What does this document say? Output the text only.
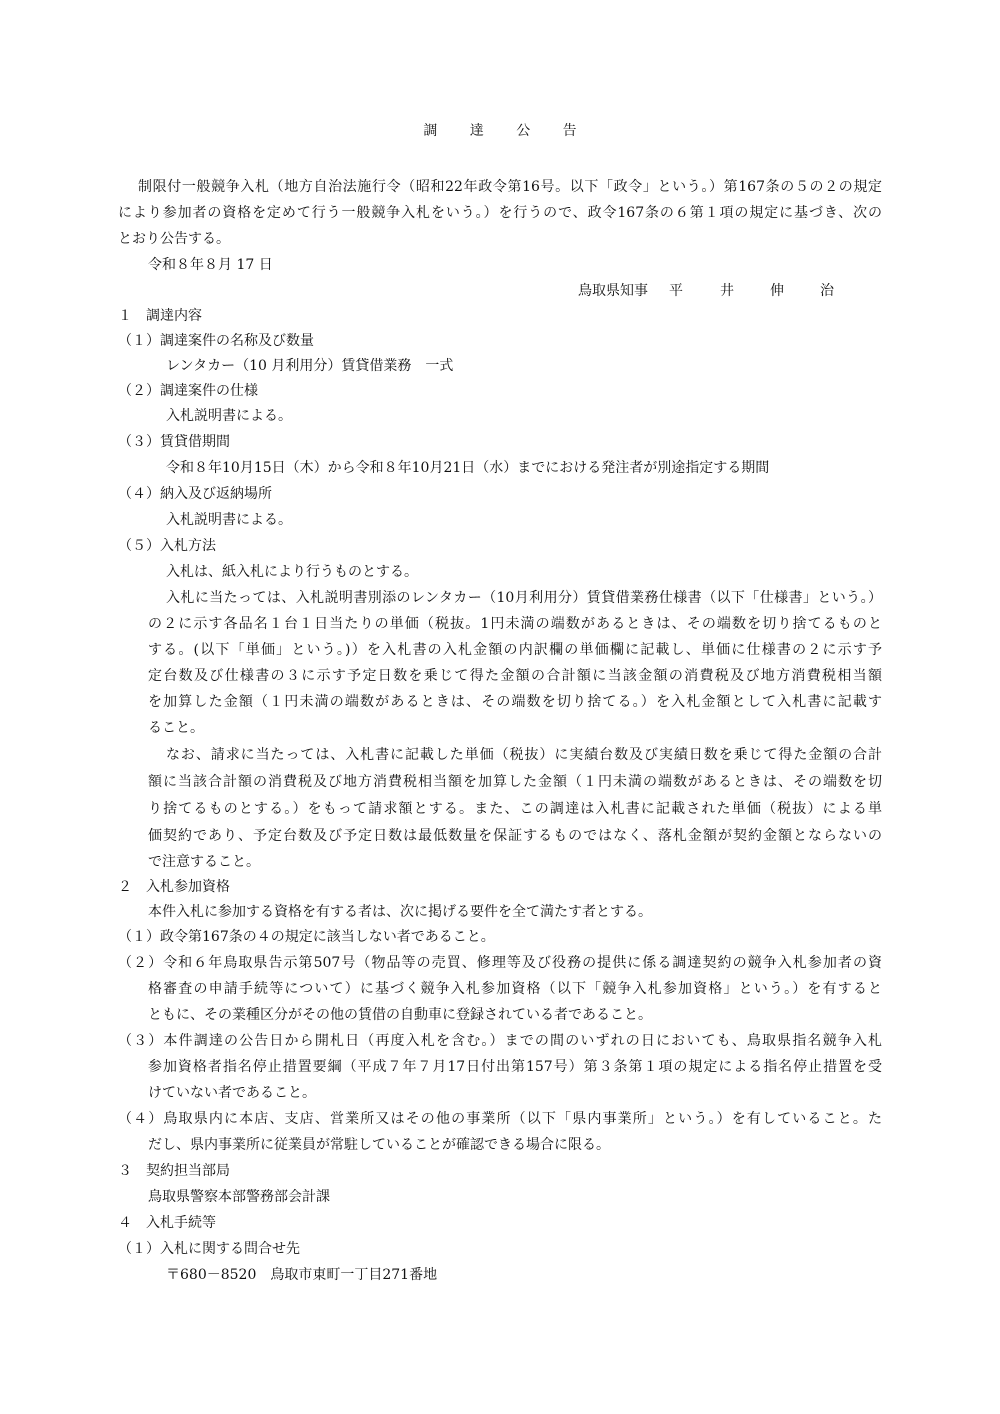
調 達 公 告
制限付一般競争入札（地方自治法施行令（昭和22年政令第16号。以下「政令」という。）第167条の５の２の規定
により参加者の資格を定めて行う一般競争入札をいう。）を行うので、政令167条の６第１項の規定に基づき、次の
とおり公告する。
令和８年８月 17 日
鳥取県知事 平	井	伸	治
１　調達内容
（１）調達案件の名称及び数量
レンタカー（10 月利用分）賃貸借業務　一式
（２）調達案件の仕様
入札説明書による。
（３）賃貸借期間
令和８年10月15日（木）から令和８年10月21日（水）までにおける発注者が別途指定する期間
（４）納入及び返納場所
入札説明書による。
（５）入札方法
入札は、紙入札により行うものとする。
入札に当たっては、入札説明書別添のレンタカー（10月利用分）賃貸借業務仕様書（以下「仕様書」という。）
の２に示す各品名１台１日当たりの単価（税抜。1円未満の端数があるときは、その端数を切り捨てるものと
する。(以下「単価」という。)）を入札書の入札金額の内訳欄の単価欄に記載し、単価に仕様書の２に示す予
定台数及び仕様書の３に示す予定日数を乗じて得た金額の合計額に当該金額の消費税及び地方消費税相当額
を加算した金額（１円未満の端数があるときは、その端数を切り捨てる。）を入札金額として入札書に記載す
ること。
なお、請求に当たっては、入札書に記載した単価（税抜）に実績台数及び実績日数を乗じて得た金額の合計
額に当該合計額の消費税及び地方消費税相当額を加算した金額（１円未満の端数があるときは、その端数を切
り捨てるものとする。）をもって請求額とする。また、この調達は入札書に記載された単価（税抜）による単
価契約であり、予定台数及び予定日数は最低数量を保証するものではなく、落札金額が契約金額とならないの
で注意すること。
２　入札参加資格
本件入札に参加する資格を有する者は、次に掲げる要件を全て満たす者とする。
（１）政令第167条の４の規定に該当しない者であること。
（２）令和６年鳥取県告示第507号（物品等の売買、修理等及び役務の提供に係る調達契約の競争入札参加者の資
格審査の申請手続等について）に基づく競争入札参加資格（以下「競争入札参加資格」という。）を有すると
ともに、その業種区分がその他の賃借の自動車に登録されている者であること。
（３）本件調達の公告日から開札日（再度入札を含む。）までの間のいずれの日においても、鳥取県指名競争入札
参加資格者指名停止措置要綱（平成７年７月17日付出第157号）第３条第１項の規定による指名停止措置を受
けていない者であること。
（４）鳥取県内に本店、支店、営業所又はその他の事業所（以下「県内事業所」という。）を有していること。た
だし、県内事業所に従業員が常駐していることが確認できる場合に限る。
３　契約担当部局
鳥取県警察本部警務部会計課
４　入札手続等
（１）入札に関する問合せ先
〒680－8520　鳥取市東町一丁目271番地
